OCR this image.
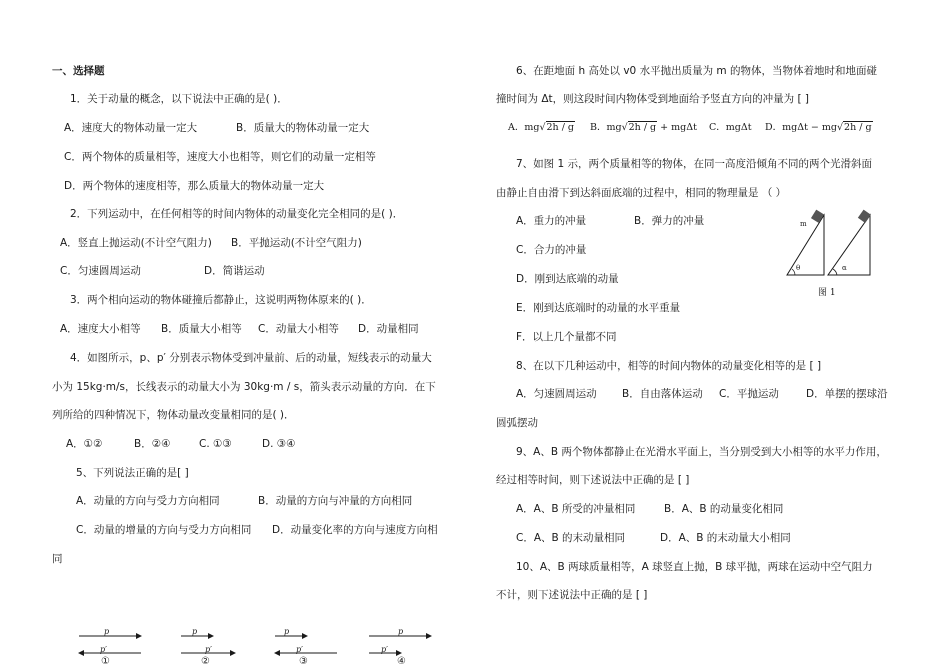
一、选择题
1．关于动量的概念，以下说法中正确的是( )．
A．速度大的物体动量一定大	B．质量大的物体动量一定大
C．两个物体的质量相等，速度大小也相等，则它们的动量一定相等
D．两个物体的速度相等，那么质量大的物体动量一定大
2．下列运动中，在任何相等的时间内物体的动量变化完全相同的是( )．
A．竖直上抛运动(不计空气阻力) B．平抛运动(不计空气阻力)
C．匀速圆周运动	D．简谐运动
3．两个相向运动的物体碰撞后都静止，这说明两物体原来的( )．
A．速度大小相等 B．质量大小相等 C．动量大小相等 D．动量相同
4．如图所示，p、p′ 分别表示物体受到冲量前、后的动量，短线表示的动量大
小为 15kg·m/s，长线表示的动量大小为 30kg·m / s，箭头表示动量的方向．在下
列所给的四种情况下，物体动量改变量相同的是( )．
A．①②	B．②④	C. ①③	D. ③④
5、下列说法正确的是[ ]
A．动量的方向与受力方向相同	B．动量的方向与冲量的方向相同
C．动量的增量的方向与受力方向相同 D．动量变化率的方向与速度方向相
同
p
p′
p
p′
p
p′
p
p′
①	②	③	④
6、在距地面 h 高处以 v0 水平抛出质量为 m 的物体，当物体着地时和地面碰
撞时间为 Δt，则这段时间内物体受到地面给予竖直方向的冲量为 [ ]
A．mg√2h / g B．mg√2h / g + mgΔt C．mgΔt D．mgΔt − mg√2h / g
7、如图 1 示，两个质量相等的物体，在同一高度沿倾角不同的两个光滑斜面
由静止自由滑下到达斜面底端的过程中，相同的物理量是 （ ）
A．重力的冲量	B．弹力的冲量
C．合力的冲量
D．刚到达底端的动量
E．刚到达底端时的动量的水平重量
F．以上几个量都不同
m
θ	α
图 1
8、在以下几种运动中，相等的时间内物体的动量变化相等的是 [ ]
A．匀速圆周运动 B．自由落体运动 C．平抛运动	D．单摆的摆球沿
圆弧摆动
9、A、B 两个物体都静止在光滑水平面上，当分别受到大小相等的水平力作用，
经过相等时间，则下述说法中正确的是 [ ]
A．A、B 所受的冲量相同	B．A、B 的动量变化相同
C．A、B 的末动量相同	D．A、B 的末动量大小相同
10、A、B 两球质量相等，A 球竖直上抛，B 球平抛，两球在运动中空气阻力
不计，则下述说法中正确的是 [ ]
